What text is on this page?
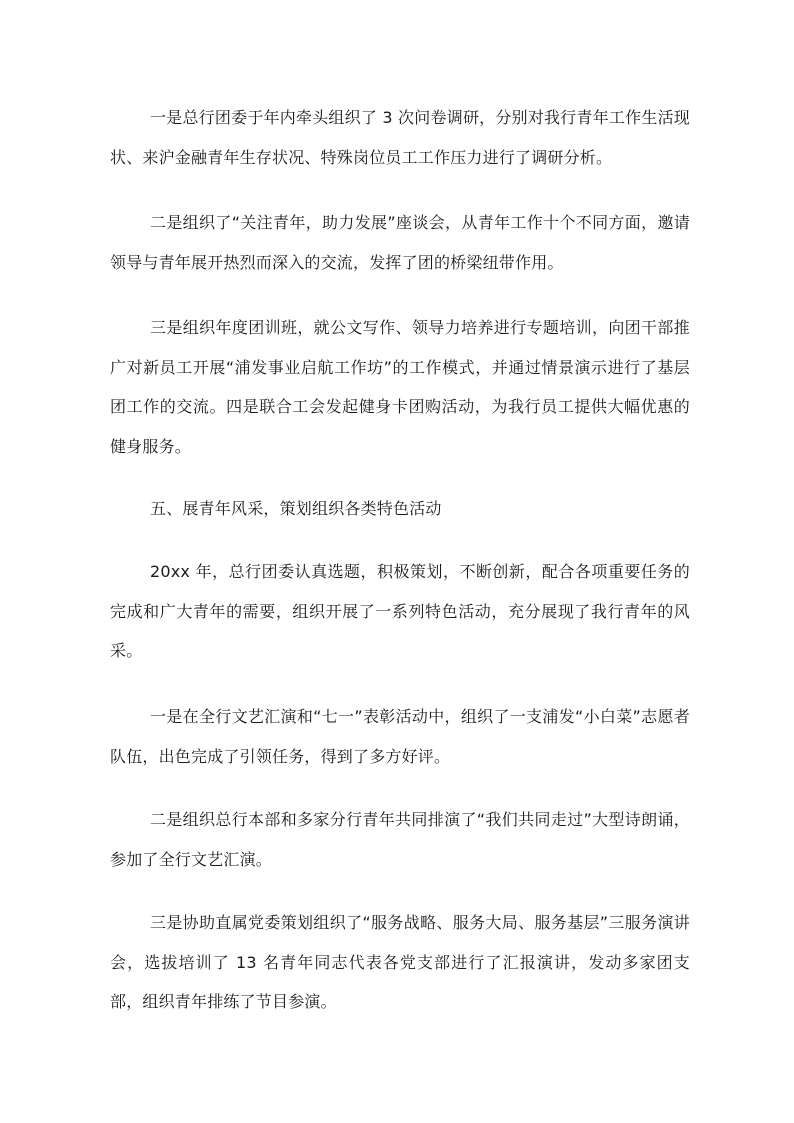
一是总行团委于年内牵头组织了 3 次问卷调研，分别对我行青年工作生活现状、来沪金融青年生存状况、特殊岗位员工工作压力进行了调研分析。

二是组织了“关注青年，助力发展”座谈会，从青年工作十个不同方面，邀请领导与青年展开热烈而深入的交流，发挥了团的桥梁纽带作用。

三是组织年度团训班，就公文写作、领导力培养进行专题培训，向团干部推广对新员工开展“浦发事业启航工作坊”的工作模式，并通过情景演示进行了基层团工作的交流。四是联合工会发起健身卡团购活动，为我行员工提供大幅优惠的健身服务。

五、展青年风采，策划组织各类特色活动

20xx 年，总行团委认真选题，积极策划，不断创新，配合各项重要任务的完成和广大青年的需要，组织开展了一系列特色活动，充分展现了我行青年的风采。

一是在全行文艺汇演和“七一”表彰活动中，组织了一支浦发“小白菜”志愿者队伍，出色完成了引领任务，得到了多方好评。

二是组织总行本部和多家分行青年共同排演了“我们共同走过”大型诗朗诵，参加了全行文艺汇演。

三是协助直属党委策划组织了“服务战略、服务大局、服务基层”三服务演讲会，选拔培训了 13 名青年同志代表各党支部进行了汇报演讲，发动多家团支部，组织青年排练了节目参演。
